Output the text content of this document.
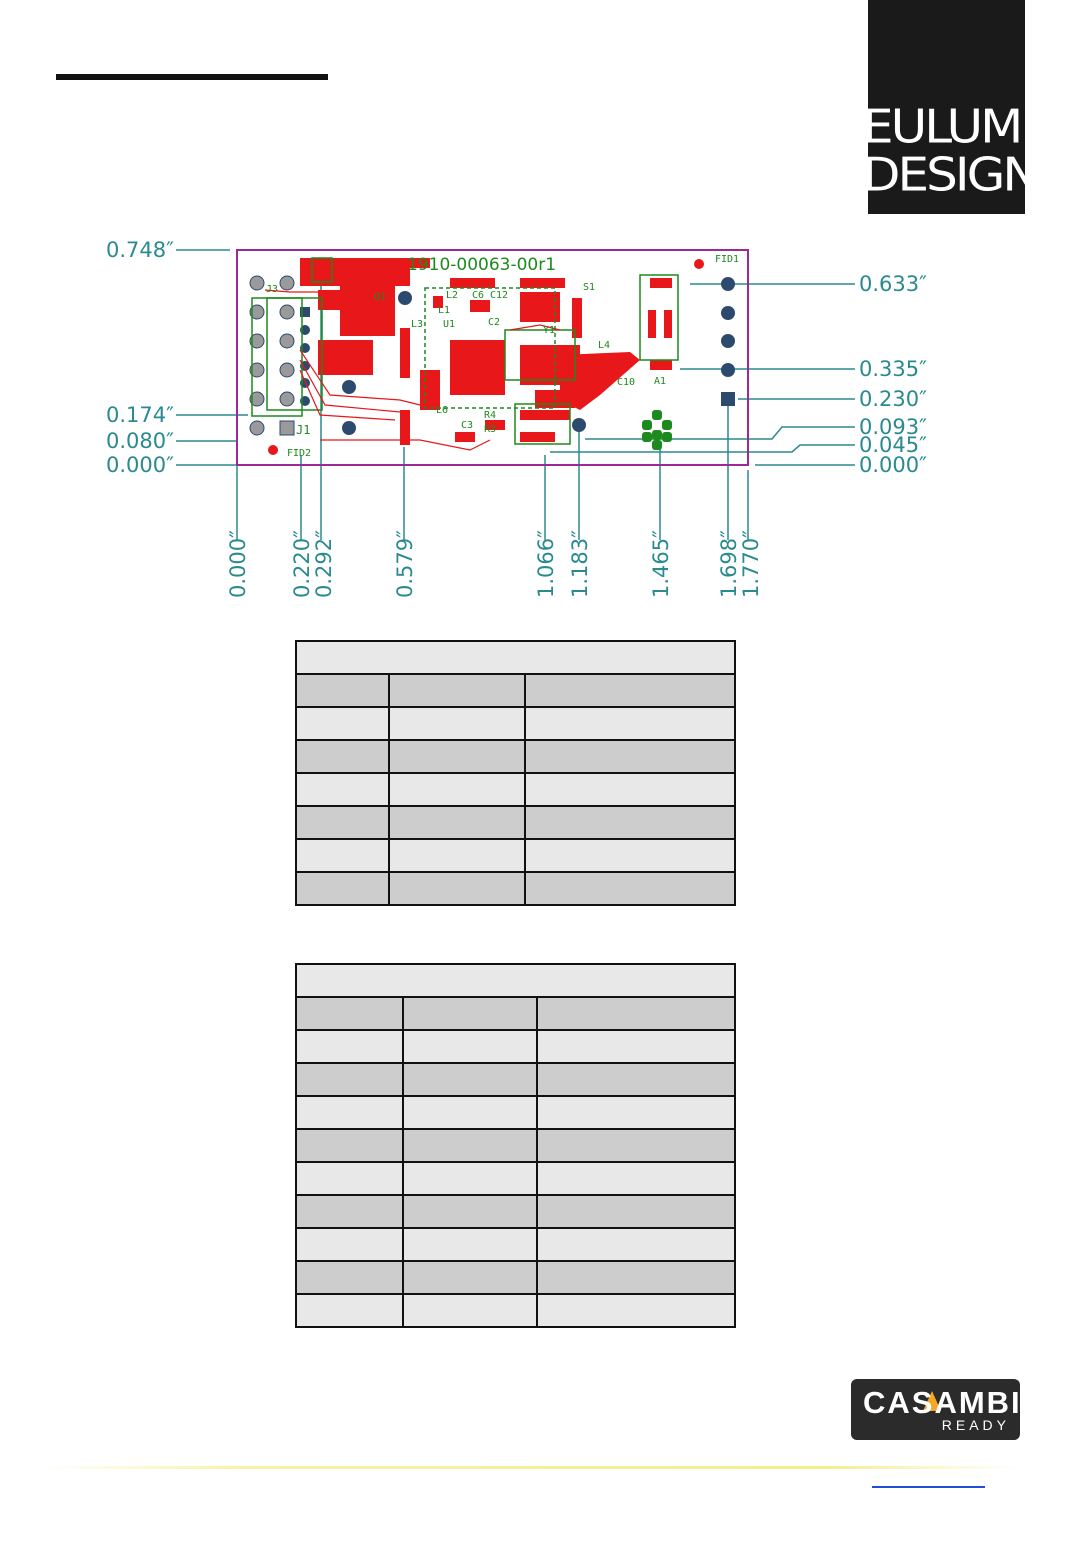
EULUM
DESIGN
0.748″
0.174″
0.080″
0.000″
0.633″
0.335″
0.230″
0.093″
0.045″
0.000″
0.000″ 0.220″
0.292″	0.579″	1.066″ 1.183″	1.465″ 1.698″
1.770″
FID1
FID2
J1
J3	S1
L4
A1
U1
L1
L2 C6 C12
C2
Y1
L3
C10
R4
R3
C3
L6
Q1
1910-00063-00r1

CASAMBI
READY
